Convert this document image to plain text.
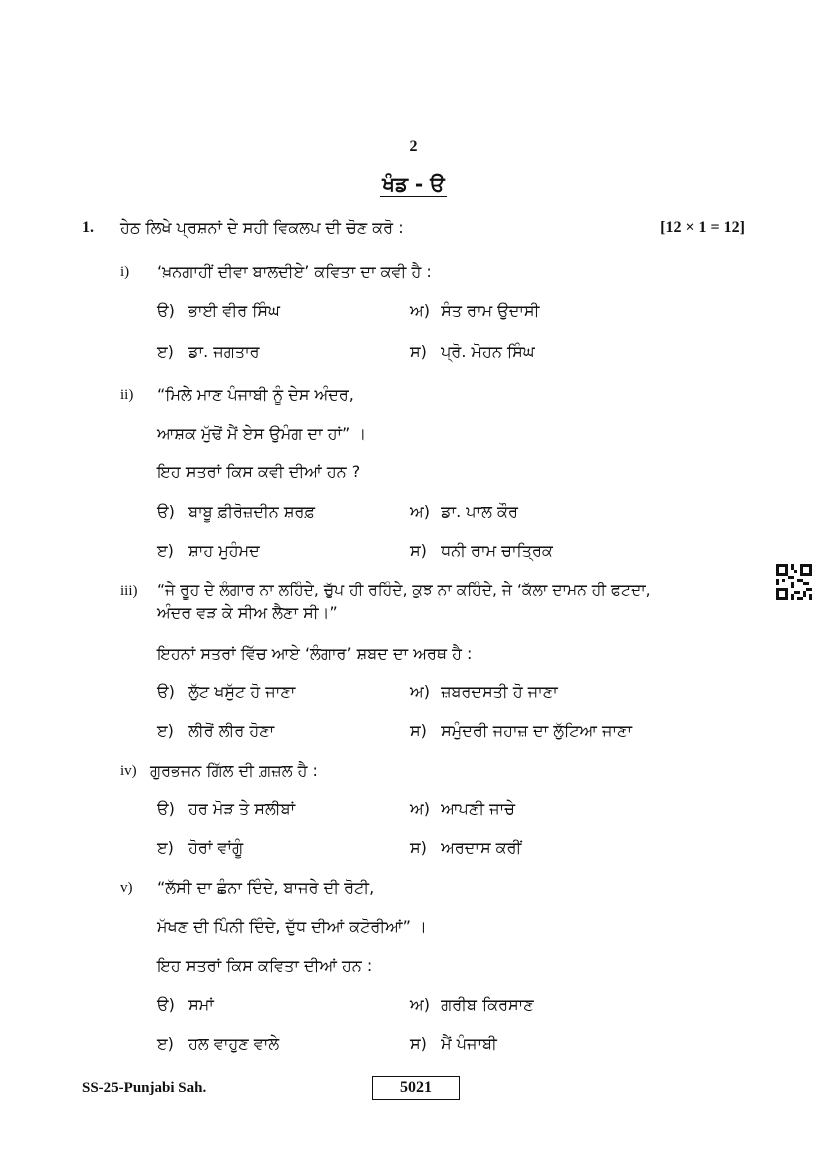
2
ਖੰਡ - ੳ
1. ਹੇਠ ਲਿਖੇ ਪ੍ਰਸ਼ਨਾਂ ਦੇ ਸਹੀ ਵਿਕਲਪ ਦੀ ਚੋਣ ਕਰੋ :	[12 × 1 = 12]
i) ‘ਖ਼ਨਗਾਹੀਂ ਦੀਵਾ ਬਾਲਦੀਏ’ ਕਵਿਤਾ ਦਾ ਕਵੀ ਹੈ :
ੳ) ਭਾਈ ਵੀਰ ਸਿੰਘ	ਅ) ਸੰਤ ਰਾਮ ਉਦਾਸੀ
ੲ) ਡਾ. ਜਗਤਾਰ	ਸ) ਪ੍ਰੋ. ਮੋਹਨ ਸਿੰਘ
ii) “ਮਿਲੇ ਮਾਣ ਪੰਜਾਬੀ ਨੂੰ ਦੇਸ ਅੰਦਰ,
ਆਸ਼ਕ ਮੁੱਢੋਂ ਮੈਂ ਏਸ ਉਮੰਗ ਦਾ ਹਾਂ” ।
ਇਹ ਸਤਰਾਂ ਕਿਸ ਕਵੀ ਦੀਆਂ ਹਨ ?
ੳ) ਬਾਬੂ ਫ਼ੀਰੋਜ਼ਦੀਨ ਸ਼ਰਫ਼	ਅ) ਡਾ. ਪਾਲ ਕੌਰ
ੲ) ਸ਼ਾਹ ਮੁਹੰਮਦ	ਸ) ਧਨੀ ਰਾਮ ਚਾਤ੍ਰਿਕ
iii) “ਜੇ ਰੂਹ ਦੇ ਲੰਗਾਰ ਨਾ ਲਹਿੰਦੇ, ਚੁੱਪ ਹੀ ਰਹਿੰਦੇ, ਕੁਝ ਨਾ ਕਹਿੰਦੇ, ਜੇ ‘ਕੱਲਾ ਦਾਮਨ ਹੀ ਫਟਦਾ,
ਅੰਦਰ ਵੜ ਕੇ ਸੀਅ ਲੈਣਾ ਸੀ।”
ਇਹਨਾਂ ਸਤਰਾਂ ਵਿੱਚ ਆਏ ‘ਲੰਗਾਰ’ ਸ਼ਬਦ ਦਾ ਅਰਥ ਹੈ :
ੳ) ਲੁੱਟ ਖਸੁੱਟ ਹੋ ਜਾਣਾ	ਅ) ਜ਼ਬਰਦਸਤੀ ਹੋ ਜਾਣਾ
ੲ) ਲੀਰੋਂ ਲੀਰ ਹੋਣਾ	ਸ) ਸਮੁੰਦਰੀ ਜਹਾਜ਼ ਦਾ ਲੁੱਟਿਆ ਜਾਣਾ
iv) ਗੁਰਭਜਨ ਗਿੱਲ ਦੀ ਗ਼ਜ਼ਲ ਹੈ :
ੳ) ਹਰ ਮੋੜ ਤੇ ਸਲੀਬਾਂ	ਅ) ਆਪਣੀ ਜਾਚੇ
ੲ) ਹੋਰਾਂ ਵਾਂਗੂੰ	ਸ) ਅਰਦਾਸ ਕਰੀਂ
v) “ਲੱਸੀ ਦਾ ਛੰਨਾ ਦਿੰਦੇ, ਬਾਜਰੇ ਦੀ ਰੋਟੀ,
ਮੱਖਣ ਦੀ ਪਿੰਨੀ ਦਿੰਦੇ, ਦੁੱਧ ਦੀਆਂ ਕਟੋਰੀਆਂ” ।
ਇਹ ਸਤਰਾਂ ਕਿਸ ਕਵਿਤਾ ਦੀਆਂ ਹਨ :
ੳ) ਸਮਾਂ	ਅ) ਗਰੀਬ ਕਿਰਸਾਣ
ੲ) ਹਲ ਵਾਹੁਣ ਵਾਲੇ	ਸ) ਮੈਂ ਪੰਜਾਬੀ
SS-25-Punjabi Sah.	5021
